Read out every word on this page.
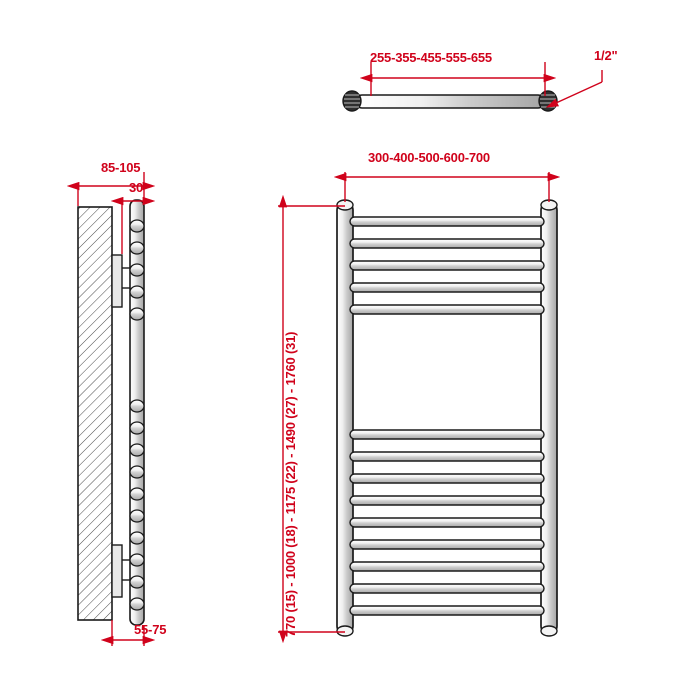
255-355-455-555-655	1/2"
300-400-500-600-700
85-105
30
55-75	770 (15) - 1000 (18) - 1175 (22) - 1490 (27) - 1760 (31)
